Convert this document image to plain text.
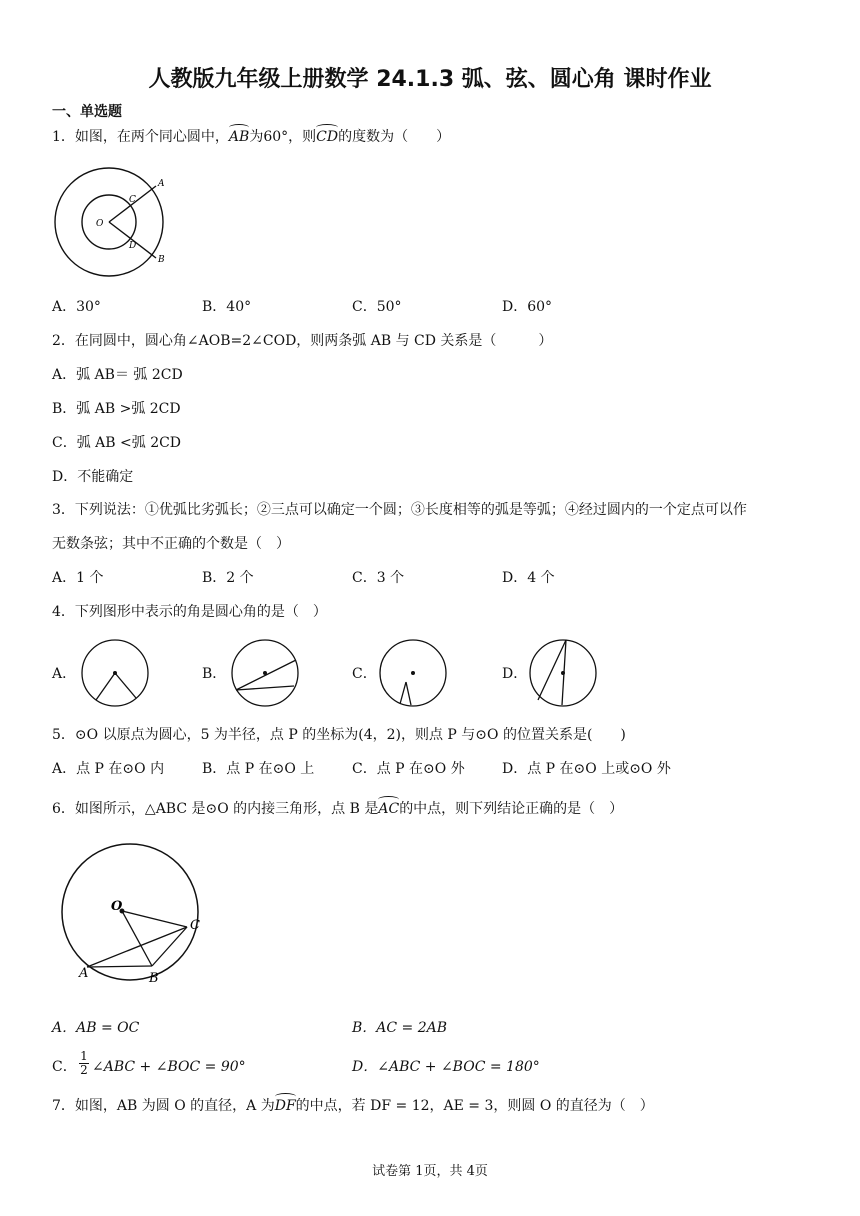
人教版九年级上册数学 24.1.3 弧、弦、圆心角 课时作业
一、单选题
1．如图，在两个同心圆中，AB为60°，则CD的度数为（　　）
O
A
B
C
D
A．30°	B．40°	C．50°	D．60°
2．在同圆中，圆心角∠AOB=2∠COD，则两条弧 AB 与 CD 关系是（　　　）
A．弧 AB＝ 弧 2CD
B．弧 AB >弧 2CD
C．弧 AB <弧 2CD
D．不能确定
3．下列说法：①优弧比劣弧长；②三点可以确定一个圆；③长度相等的弧是等弧；④经过圆内的一个定点可以作
无数条弦；其中不正确的个数是（　）
A．1 个	B．2 个	C．3 个	D．4 个
4．下列图形中表示的角是圆心角的是（　）
A．	B．	C．	D．
5．⊙O 以原点为圆心，5 为半径，点 P 的坐标为(4，2)，则点 P 与⊙O 的位置关系是(　　)
A．点 P 在⊙O 内	B．点 P 在⊙O 上	C．点 P 在⊙O 外	D．点 P 在⊙O 上或⊙O 外
6．如图所示，△ABC 是⊙O 的内接三角形，点 B 是AC的中点，则下列结论正确的是（　）
O
A	B
C
A．AB = OC	B．AC = 2AB
C． $\frac{1}{2}$ ∠ABC + ∠BOC = 90°	D．∠ABC + ∠BOC = 180°
7．如图，AB 为圆 O 的直径，A 为DF的中点，若 DF = 12，AE = 3，则圆 O 的直径为（　）
试卷第 1页，共 4页
